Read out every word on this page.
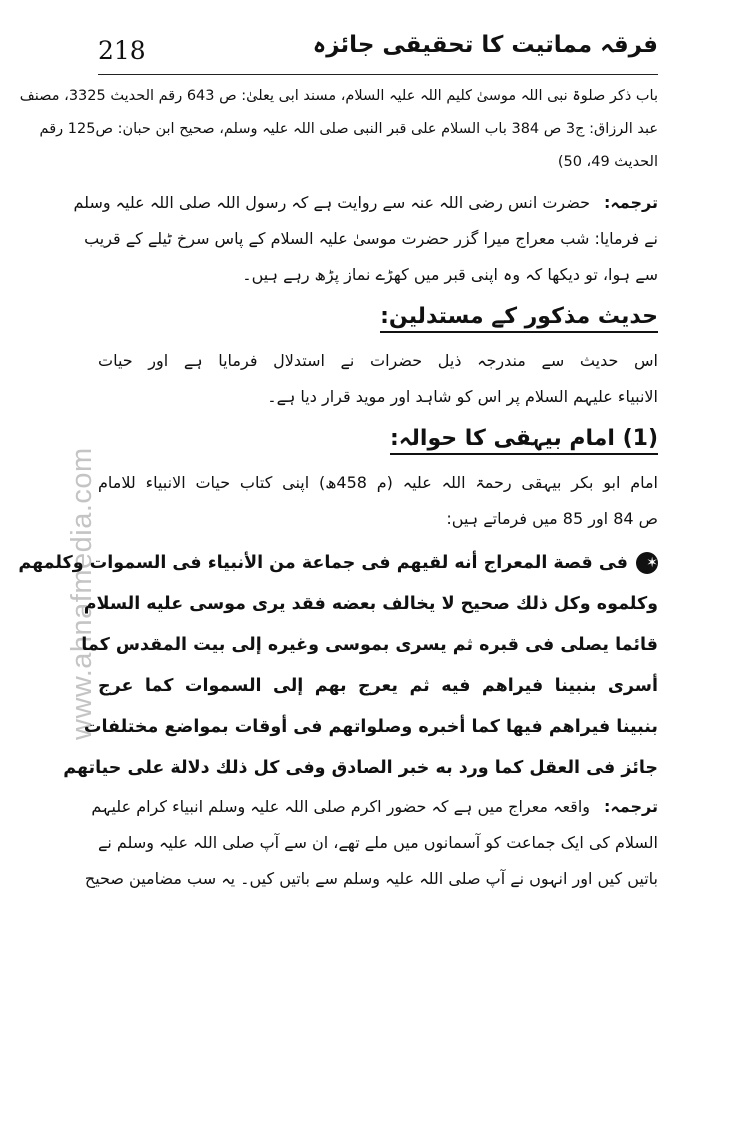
218	فرقہ مماتیت کا تحقیقی جائزہ
www.ahnafmedia.com
باب ذکر صلوۃ نبی اللہ موسیٰ کلیم اللہ علیہ السلام، مسند ابی یعلیٰ: ص 643 رقم الحدیث 3325، مصنف
عبد الرزاق: ج3 ص 384 باب السلام علی قبر النبی صلی اللہ علیہ وسلم، صحیح ابن حبان: ص125 رقم
الحدیث 49، 50)
ترجمہ:حضرت انس رضی اللہ عنہ سے روایت ہے کہ رسول اللہ صلی اللہ علیہ وسلم
نے فرمایا: شب معراج میرا گزر حضرت موسیٰ علیہ السلام کے پاس سرخ ٹیلے کے قریب
سے ہوا، تو دیکھا کہ وہ اپنی قبر میں کھڑے نماز پڑھ رہے ہیں۔
حدیث مذکور کے مستدلین:
اس حدیث سے مندرجہ ذیل حضرات نے استدلال فرمایا ہے اور حیات
الانبیاء علیہم السلام پر اس کو شاہد اور موید قرار دیا ہے۔
(1) امام بیہقی کا حوالہ:
امام ابو بکر بیہقی رحمۃ اللہ علیہ (م 458ھ) اپنی کتاب حیات الانبیاء للامام
ص 84 اور 85 میں فرماتے ہیں:
✶فی قصة المعراج أنه لقیهم فی جماعة من الأنبیاء فی السموات وکلمهم
وکلموه وکل ذلك صحیح لا یخالف بعضه فقد یری موسى علیه السلام
قائما یصلی فی قبره ثم یسری بموسی وغیره إلی بیت المقدس کما
أسری بنبینا فیراهم فیه ثم یعرج بهم إلی السموات کما عرج
بنبینا فیراهم فیها کما أخبره وصلواتهم فی أوقات بمواضع مختلفات
جائز فی العقل کما ورد به خبر الصادق وفی کل ذلك دلالة علی حیاتهم
ترجمہ:واقعہ معراج میں ہے کہ حضور اکرم صلی اللہ علیہ وسلم انبیاء کرام علیہم
السلام کی ایک جماعت کو آسمانوں میں ملے تھے، ان سے آپ صلی اللہ علیہ وسلم نے
باتیں کیں اور انہوں نے آپ صلی اللہ علیہ وسلم سے باتیں کیں۔ یہ سب مضامین صحیح
